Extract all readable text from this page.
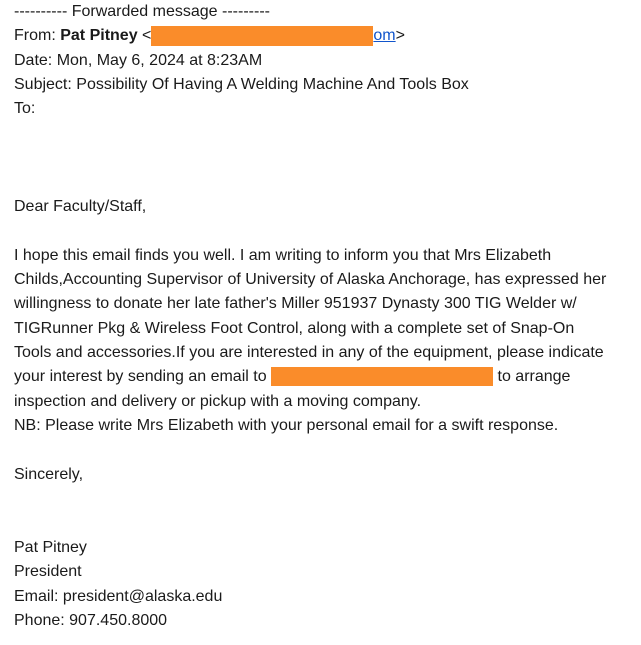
---------- Forwarded message ---------
From: Pat Pitney <	om>
Date: Mon, May 6, 2024 at 8:23AM
Subject: Possibility Of Having A Welding Machine And Tools Box
To:
Dear Faculty/Staff,
I hope this email finds you well. I am writing to inform you that Mrs Elizabeth
Childs,Accounting Supervisor of University of Alaska Anchorage, has expressed her
willingness to donate her late father's Miller 951937 Dynasty 300 TIG Welder w/
TIGRunner Pkg & Wireless Foot Control, along with a complete set of Snap-On
Tools and accessories.If you are interested in any of the equipment, please indicate
your interest by sending an email to	to arrange
inspection and delivery or pickup with a moving company.
NB: Please write Mrs Elizabeth with your personal email for a swift response.
Sincerely,
Pat Pitney
President
Email: president@alaska.edu
Phone: 907.450.8000
